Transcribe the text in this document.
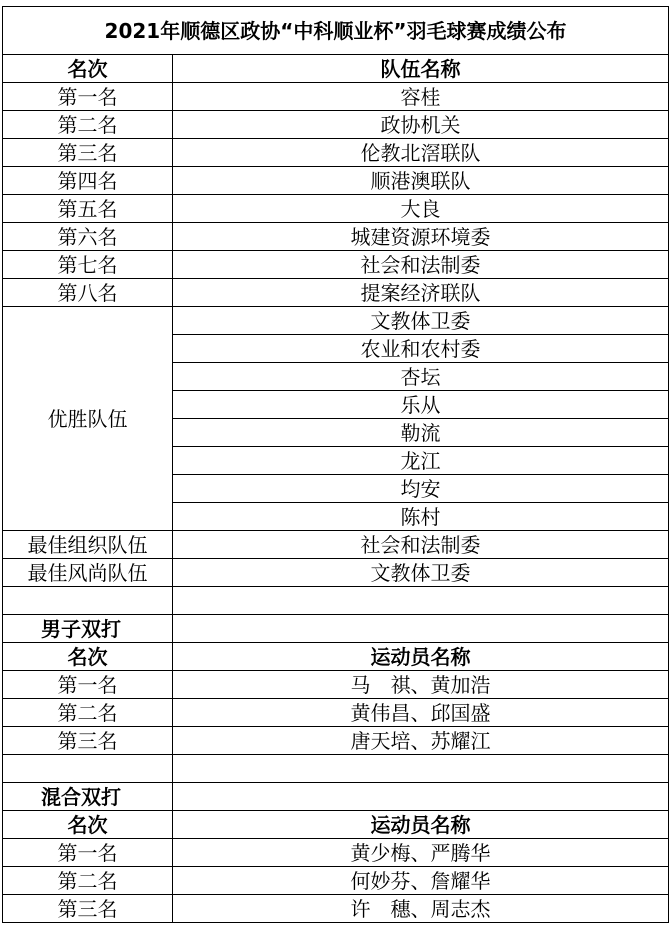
2021年顺德区政协“中科顺业杯”羽毛球赛成绩公布	
名次	队伍名称
第一名	容桂
第二名	政协机关
第三名	伦教北滘联队
第四名	顺港澳联队
第五名	大良
第六名	城建资源环境委
第七名	社会和法制委
第八名	提案经济联队
优胜队伍	文教体卫委
	农业和农村委
	杏坛
	乐从
	勒流
	龙江
	均安
	陈村
最佳组织队伍	社会和法制委
最佳风尚队伍	文教体卫委

男子双打	
名次	运动员名称
第一名	马　祺、黄加浩
第二名	黄伟昌、邱国盛
第三名	唐天培、苏耀江

混合双打	
名次	运动员名称
第一名	黄少梅、严腾华
第二名	何妙芬、詹耀华
第三名	许　穗、周志杰
